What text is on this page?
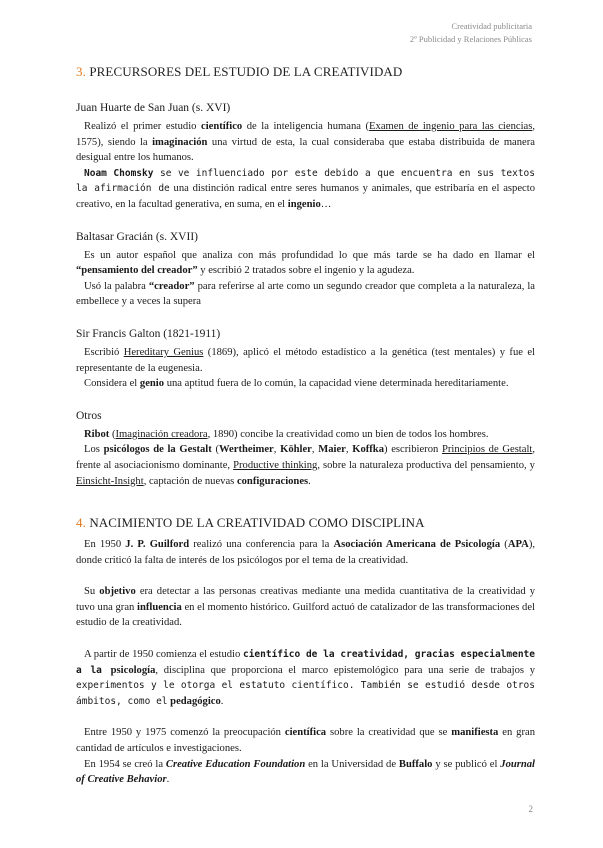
Creatividad publicitaria
2º Publicidad y Relaciones Públicas
3. PRECURSORES DEL ESTUDIO DE LA CREATIVIDAD
Juan Huarte de San Juan (s. XVI)

Realizó el primer estudio científico de la inteligencia humana (Examen de ingenio para las ciencias, 1575), siendo la imaginación una virtud de esta, la cual consideraba que estaba distribuida de manera desigual entre los humanos.

Noam Chomsky se ve influenciado por este debido a que encuentra en sus textos la afirmación de una distinción radical entre seres humanos y animales, que estribaría en el aspecto creativo, en la facultad generativa, en suma, en el ingenio…

Baltasar Gracián (s. XVII)

Es un autor español que analiza con más profundidad lo que más tarde se ha dado en llamar el “pensamiento del creador” y escribió 2 tratados sobre el ingenio y la agudeza.

Usó la palabra “creador” para referirse al arte como un segundo creador que completa a la naturaleza, la embellece y a veces la supera

Sir Francis Galton (1821-1911)

Escribió Hereditary Genius (1869), aplicó el método estadístico a la genética (test mentales) y fue el representante de la eugenesia.

Considera el genio una aptitud fuera de lo común, la capacidad viene determinada hereditariamente.

Otros

Ribot (Imaginación creadora, 1890) concibe la creatividad como un bien de todos los hombres.

Los psicólogos de la Gestalt (Wertheimer, Köhler, Maier, Koffka) escribieron Principios de Gestalt, frente al asociacionismo dominante, Productive thinking, sobre la naturaleza productiva del pensamiento, y Einsicht-Insight, captación de nuevas configuraciones.

4. NACIMIENTO DE LA CREATIVIDAD COMO DISCIPLINA

En 1950 J. P. Guilford realizó una conferencia para la Asociación Americana de Psicología (APA), donde criticó la falta de interés de los psicólogos por el tema de la creatividad.

Su objetivo era detectar a las personas creativas mediante una medida cuantitativa de la creatividad y tuvo una gran influencia en el momento histórico. Guilford actuó de catalizador de las transformaciones del estudio de la creatividad.

A partir de 1950 comienza el estudio científico de la creatividad, gracias especialmente a la psicología, disciplina que proporciona el marco epistemológico para una serie de trabajos y experimentos y le otorga el estatuto científico. También se estudió desde otros ámbitos, como el pedagógico.

Entre 1950 y 1975 comenzó la preocupación científica sobre la creatividad que se manifiesta en gran cantidad de artículos e investigaciones.

En 1954 se creó la Creative Education Foundation en la Universidad de Buffalo y se publicó el Journal of Creative Behavior.

2
